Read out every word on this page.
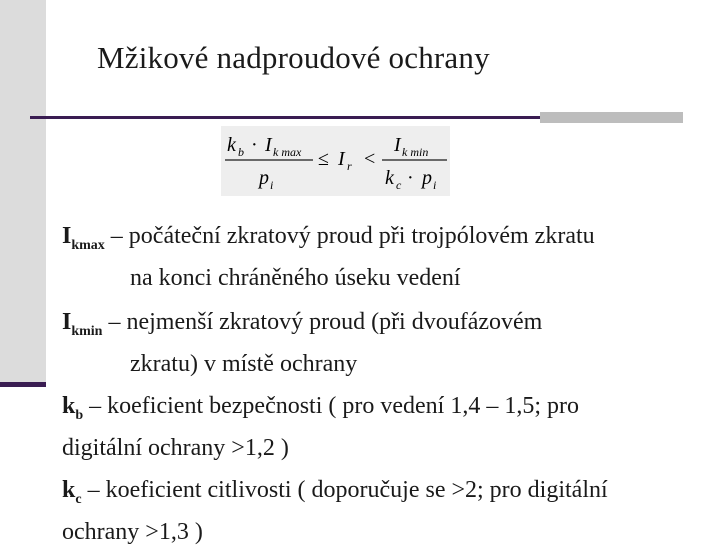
Mžikové nadproudové ochrany
k b · I k max
p i
≤ I r <
I k min
k c · p i
$I_{kmax}$ – počáteční zkratový proud při trojpólovém zkratu
na konci chráněného úseku vedení
$I_{kmin}$ – nejmenší zkratový proud (při dvoufázovém
zkratu) v místě ochrany
$k_b$ – koeficient bezpečnosti ( pro vedení 1,4 – 1,5; pro
digitální ochrany >1,2 )
$k_c$ – koeficient citlivosti ( doporučuje se >2; pro digitální
ochrany >1,3 )
